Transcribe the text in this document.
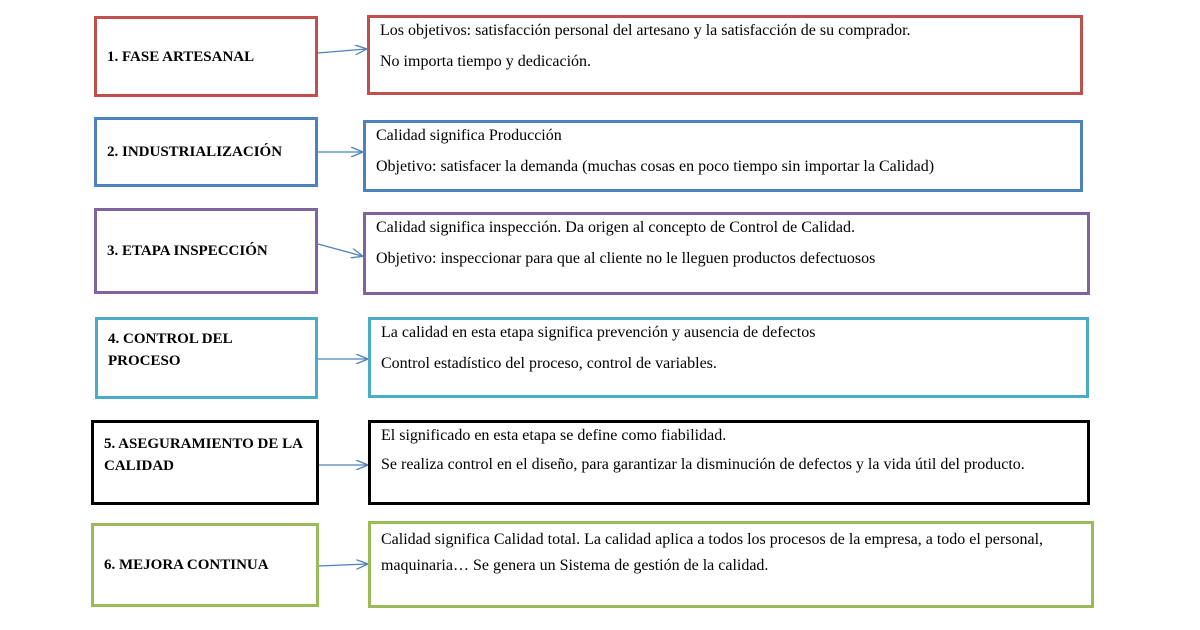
1. FASE ARTESANAL

Los objetivos: satisfacción personal del artesano y la satisfacción de su comprador.

No importa tiempo y dedicación.

2. INDUSTRIALIZACIÓN

Calidad significa Producción

Objetivo: satisfacer la demanda (muchas cosas en poco tiempo sin importar la Calidad)

3. ETAPA INSPECCIÓN

Calidad significa inspección. Da origen al concepto de Control de Calidad.

Objetivo: inspeccionar para que al cliente no le lleguen productos defectuosos

4. CONTROL DEL PROCESO

La calidad en esta etapa significa prevención y ausencia de defectos

Control estadístico del proceso, control de variables.

5. ASEGURAMIENTO DE LA CALIDAD

El significado en esta etapa se define como fiabilidad.

Se realiza control en el diseño, para garantizar la disminución de defectos y la vida útil del producto.

6. MEJORA CONTINUA

Calidad significa Calidad total. La calidad aplica a todos los procesos de la empresa, a todo el personal, maquinaria… Se genera un Sistema de gestión de la calidad.
